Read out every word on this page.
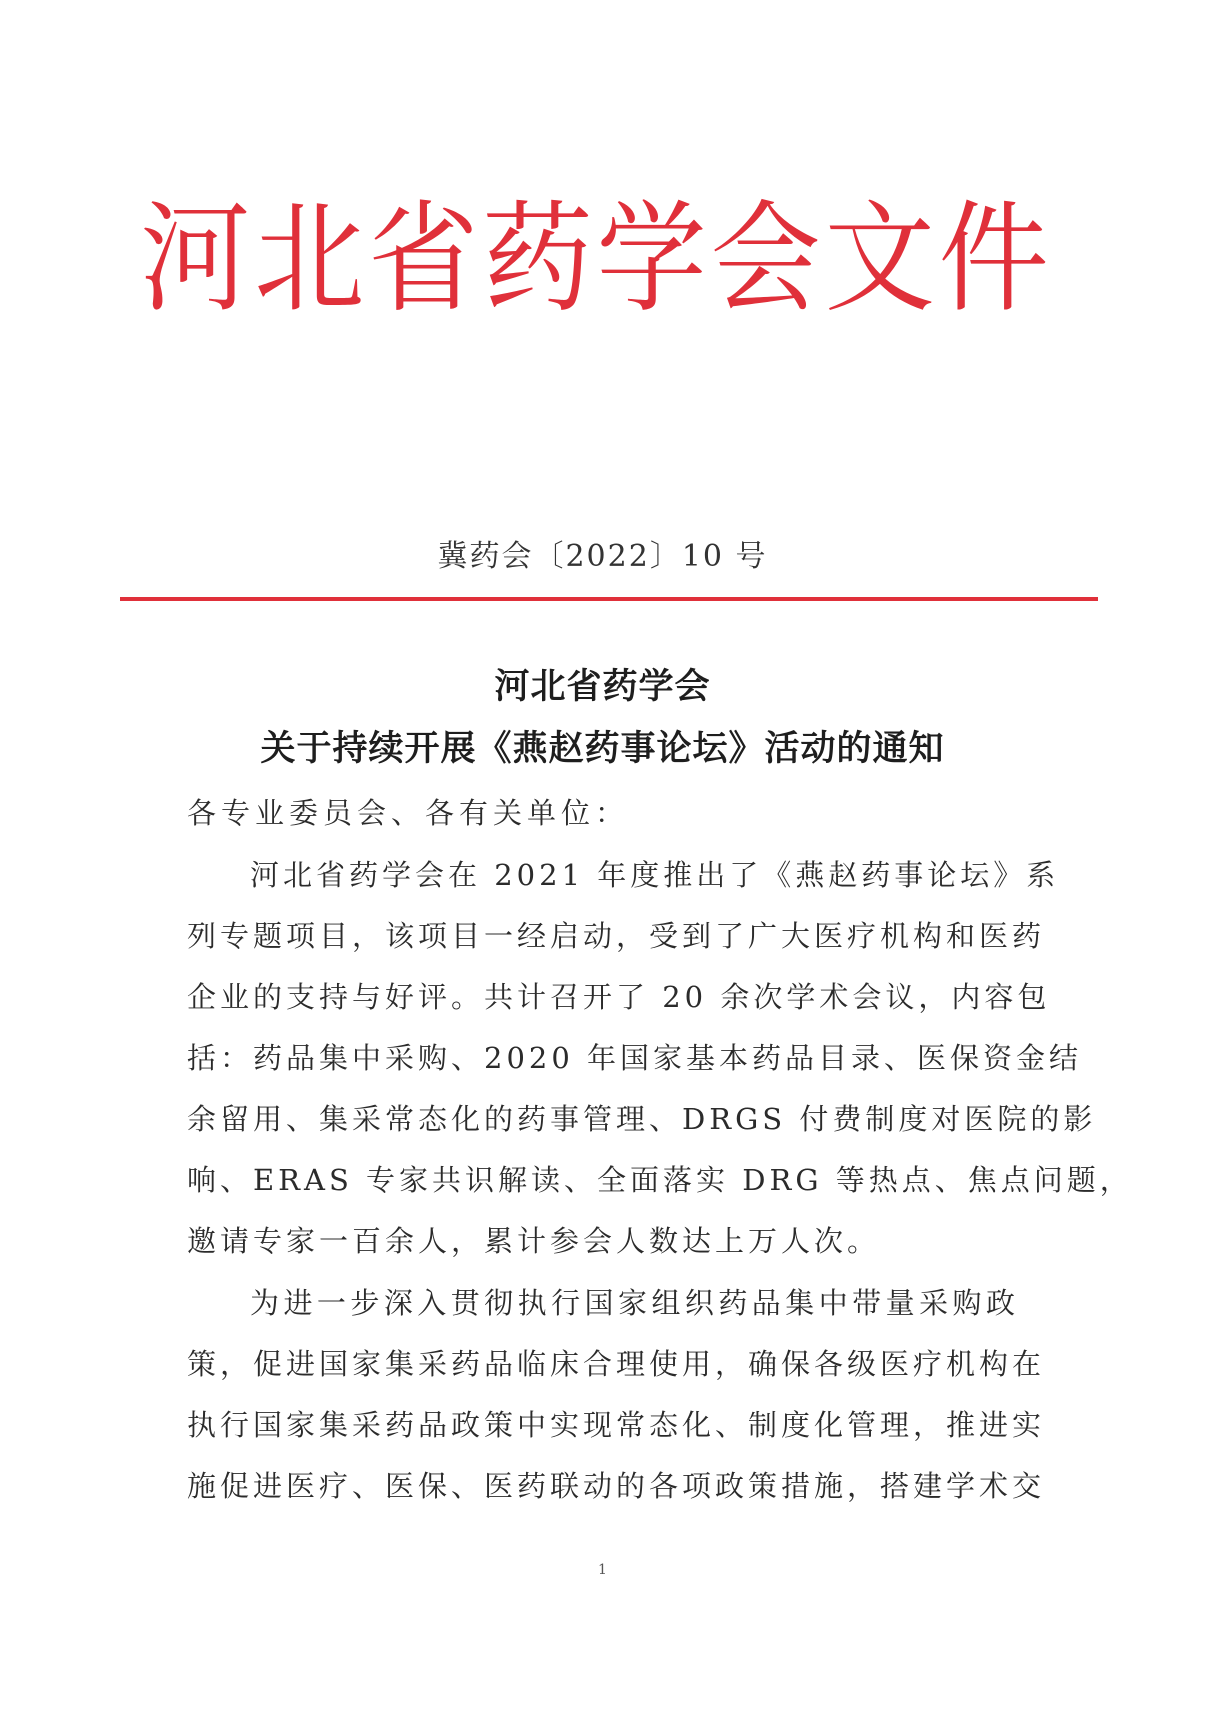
河北省药学会文件
冀药会〔2022〕10 号
河北省药学会
关于持续开展《燕赵药事论坛》活动的通知
各专业委员会、各有关单位：
河北省药学会在 2021 年度推出了《燕赵药事论坛》系
列专题项目，该项目一经启动，受到了广大医疗机构和医药
企业的支持与好评。共计召开了 20 余次学术会议，内容包
括：药品集中采购、2020 年国家基本药品目录、医保资金结
余留用、集采常态化的药事管理、DRGS 付费制度对医院的影
响、ERAS 专家共识解读、全面落实 DRG 等热点、焦点问题，
邀请专家一百余人，累计参会人数达上万人次。
为进一步深入贯彻执行国家组织药品集中带量采购政
策，促进国家集采药品临床合理使用，确保各级医疗机构在
执行国家集采药品政策中实现常态化、制度化管理，推进实
施促进医疗、医保、医药联动的各项政策措施，搭建学术交
1
